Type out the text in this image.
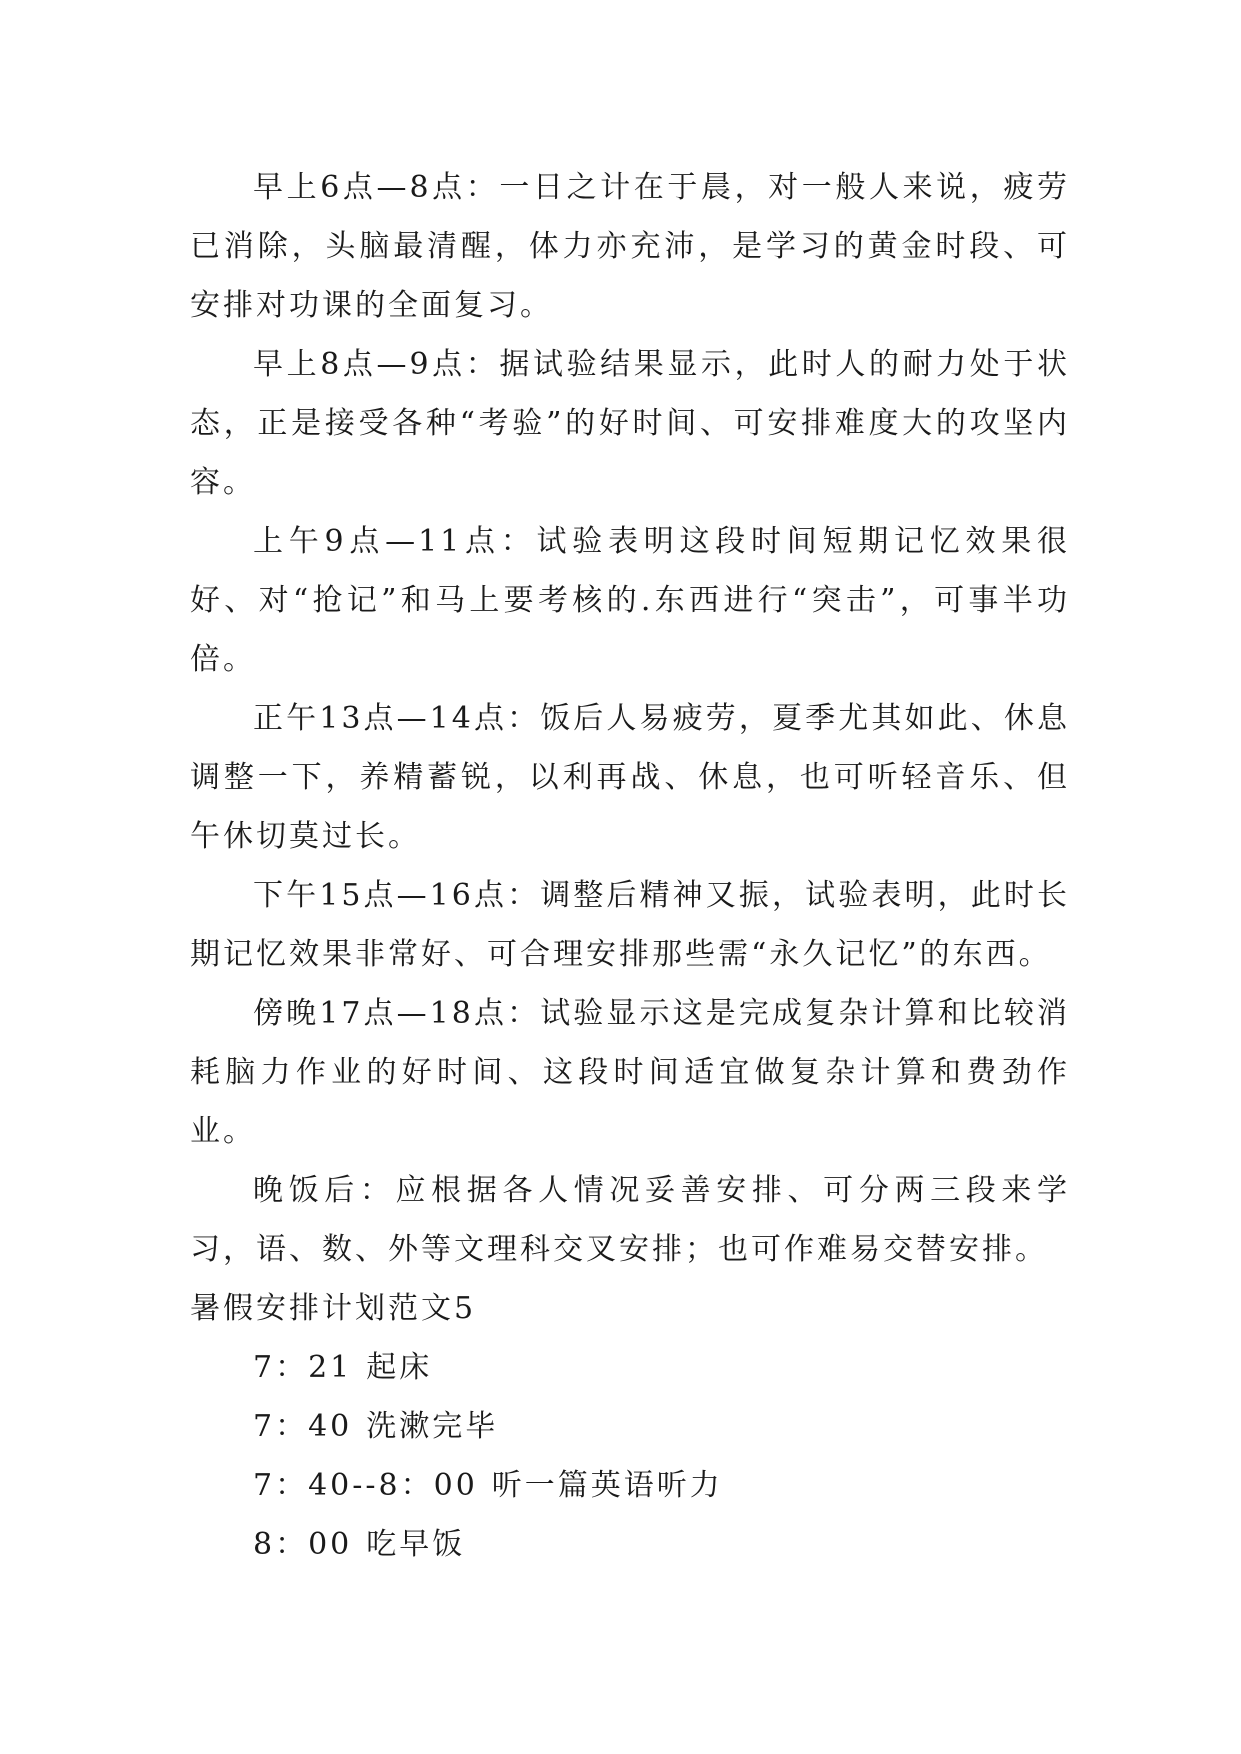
早上6点—8点：一日之计在于晨，对一般人来说，疲劳已消除，头脑最清醒，体力亦充沛，是学习的黄金时段、可安排对功课的全面复习。

早上8点—9点：据试验结果显示，此时人的耐力处于状态，正是接受各种“考验”的好时间、可安排难度大的攻坚内容。

上午9点—11点：试验表明这段时间短期记忆效果很好、对“抢记”和马上要考核的.东西进行“突击”，可事半功倍。

正午13点—14点：饭后人易疲劳，夏季尤其如此、休息调整一下，养精蓄锐，以利再战、休息，也可听轻音乐、但午休切莫过长。

下午15点—16点：调整后精神又振，试验表明，此时长期记忆效果非常好、可合理安排那些需“永久记忆”的东西。

傍晚17点—18点：试验显示这是完成复杂计算和比较消耗脑力作业的好时间、这段时间适宜做复杂计算和费劲作业。

晚饭后：应根据各人情况妥善安排、可分两三段来学习，语、数、外等文理科交叉安排；也可作难易交替安排。

暑假安排计划范文5

7：21 起床

7：40 洗漱完毕

7：40--8：00 听一篇英语听力

8：00 吃早饭
